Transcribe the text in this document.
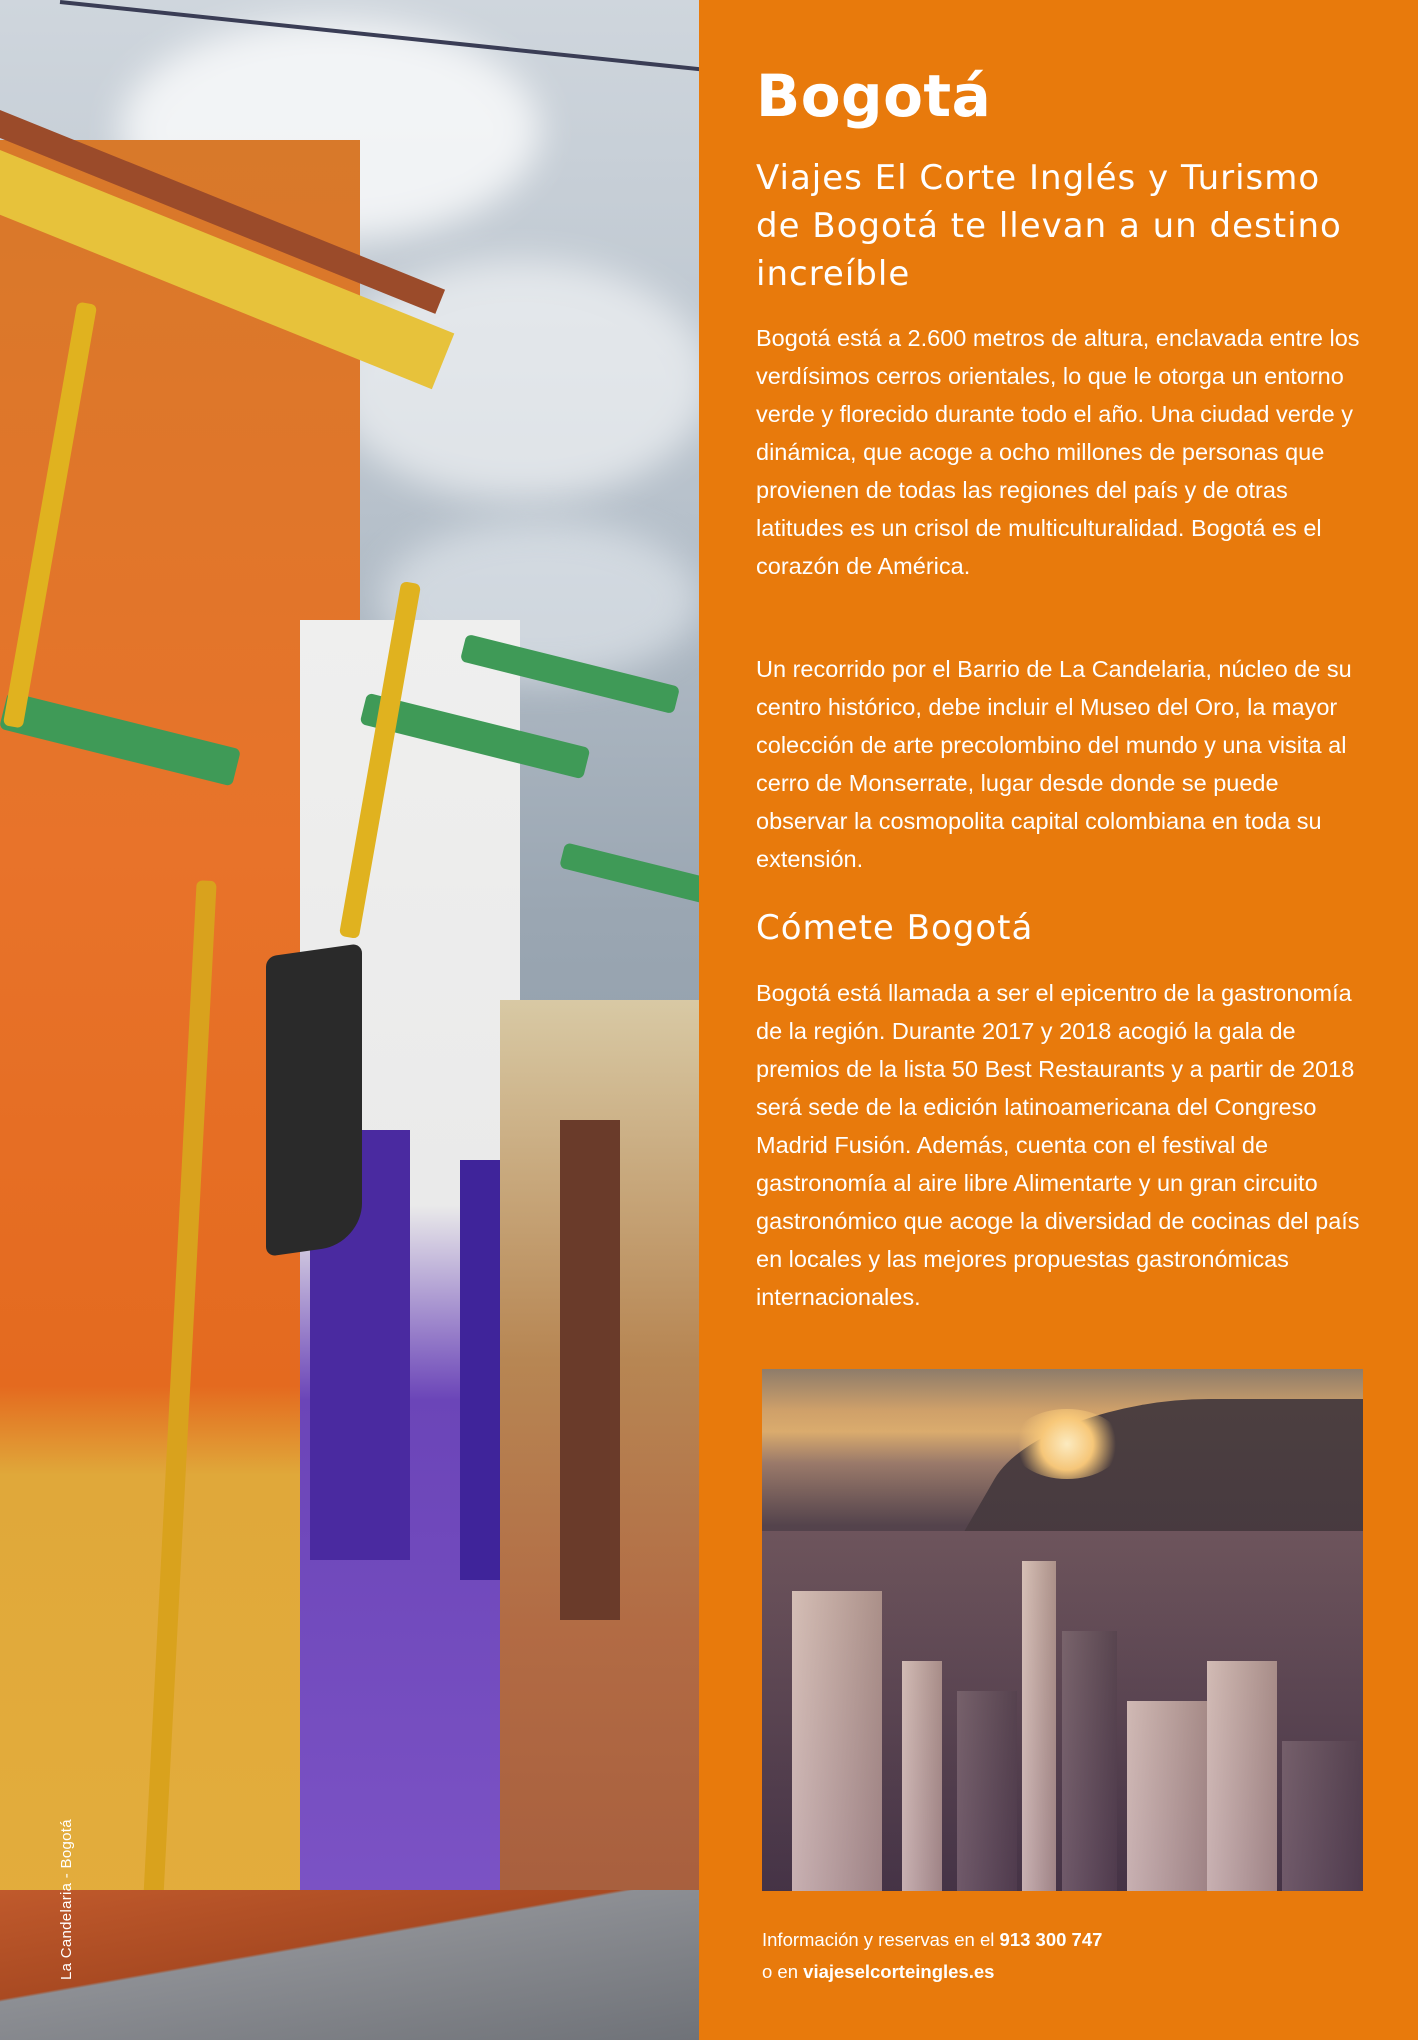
La Candelaria - Bogotá
Bogotá
Viajes El Corte Inglés y Turismo de Bogotá te llevan a un destino increíble

Bogotá está a 2.600 metros de altura, enclavada entre los verdísimos cerros orientales, lo que le otorga un entorno verde y florecido durante todo el año. Una ciudad verde y dinámica, que acoge a ocho millones de personas que provienen de todas las regiones del país y de otras latitudes es un crisol de multiculturalidad. Bogotá es el corazón de América.

Un recorrido por el Barrio de La Candelaria, núcleo de su centro histórico, debe incluir el Museo del Oro, la mayor colección de arte precolombino del mundo y una visita al cerro de Monserrate, lugar desde donde se puede observar la cosmopolita capital colombiana en toda su extensión.

Cómete Bogotá

Bogotá está llamada a ser el epicentro de la gastronomía de la región. Durante 2017 y 2018 acogió la gala de premios de la lista 50 Best Restaurants y a partir de 2018 será sede de la edición latinoamericana del Congreso Madrid Fusión. Además, cuenta con el festival de gastronomía al aire libre Alimentarte y un gran circuito gastronómico que acoge la diversidad de cocinas del país en locales y las mejores propuestas gastronómicas internacionales.

Información y reservas en el 913 300 747
o en viajeselcorteingles.es
